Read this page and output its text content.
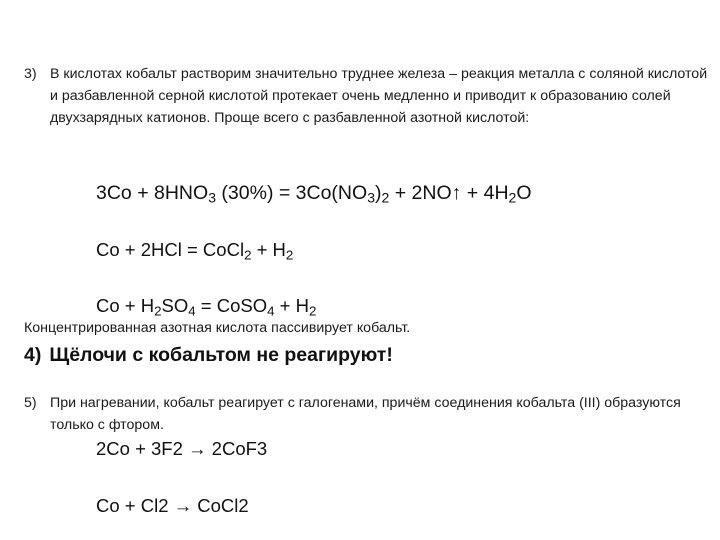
3) В кислотах кобальт растворим значительно труднее железа – реакция металла с соляной кислотой и разбавленной серной кислотой протекает очень медленно и приводит к образованию солей двухзарядных катионов. Проще всего с разбавленной азотной кислотой:
$3Co + 8HNO_3$ $(30\%) = 3Co(NO_3)_2$ + 2NO↑ + $4H_2O$
Co + 2HCl = CoCl$_2$ + $H_2$
$Co + H_2SO_4$ = CoSO$_4$ + $H_2$
Концентрированная азотная кислота пассивирует кобальт.
4) Щёлочи с кобальтом не реагируют!
5) При нагревании, кобальт реагирует с галогенами, причём соединения кобальта (III) образуются только с фтором.
2Co + 3F2 → 2CoF3
Co + Cl2 → CoCl2
